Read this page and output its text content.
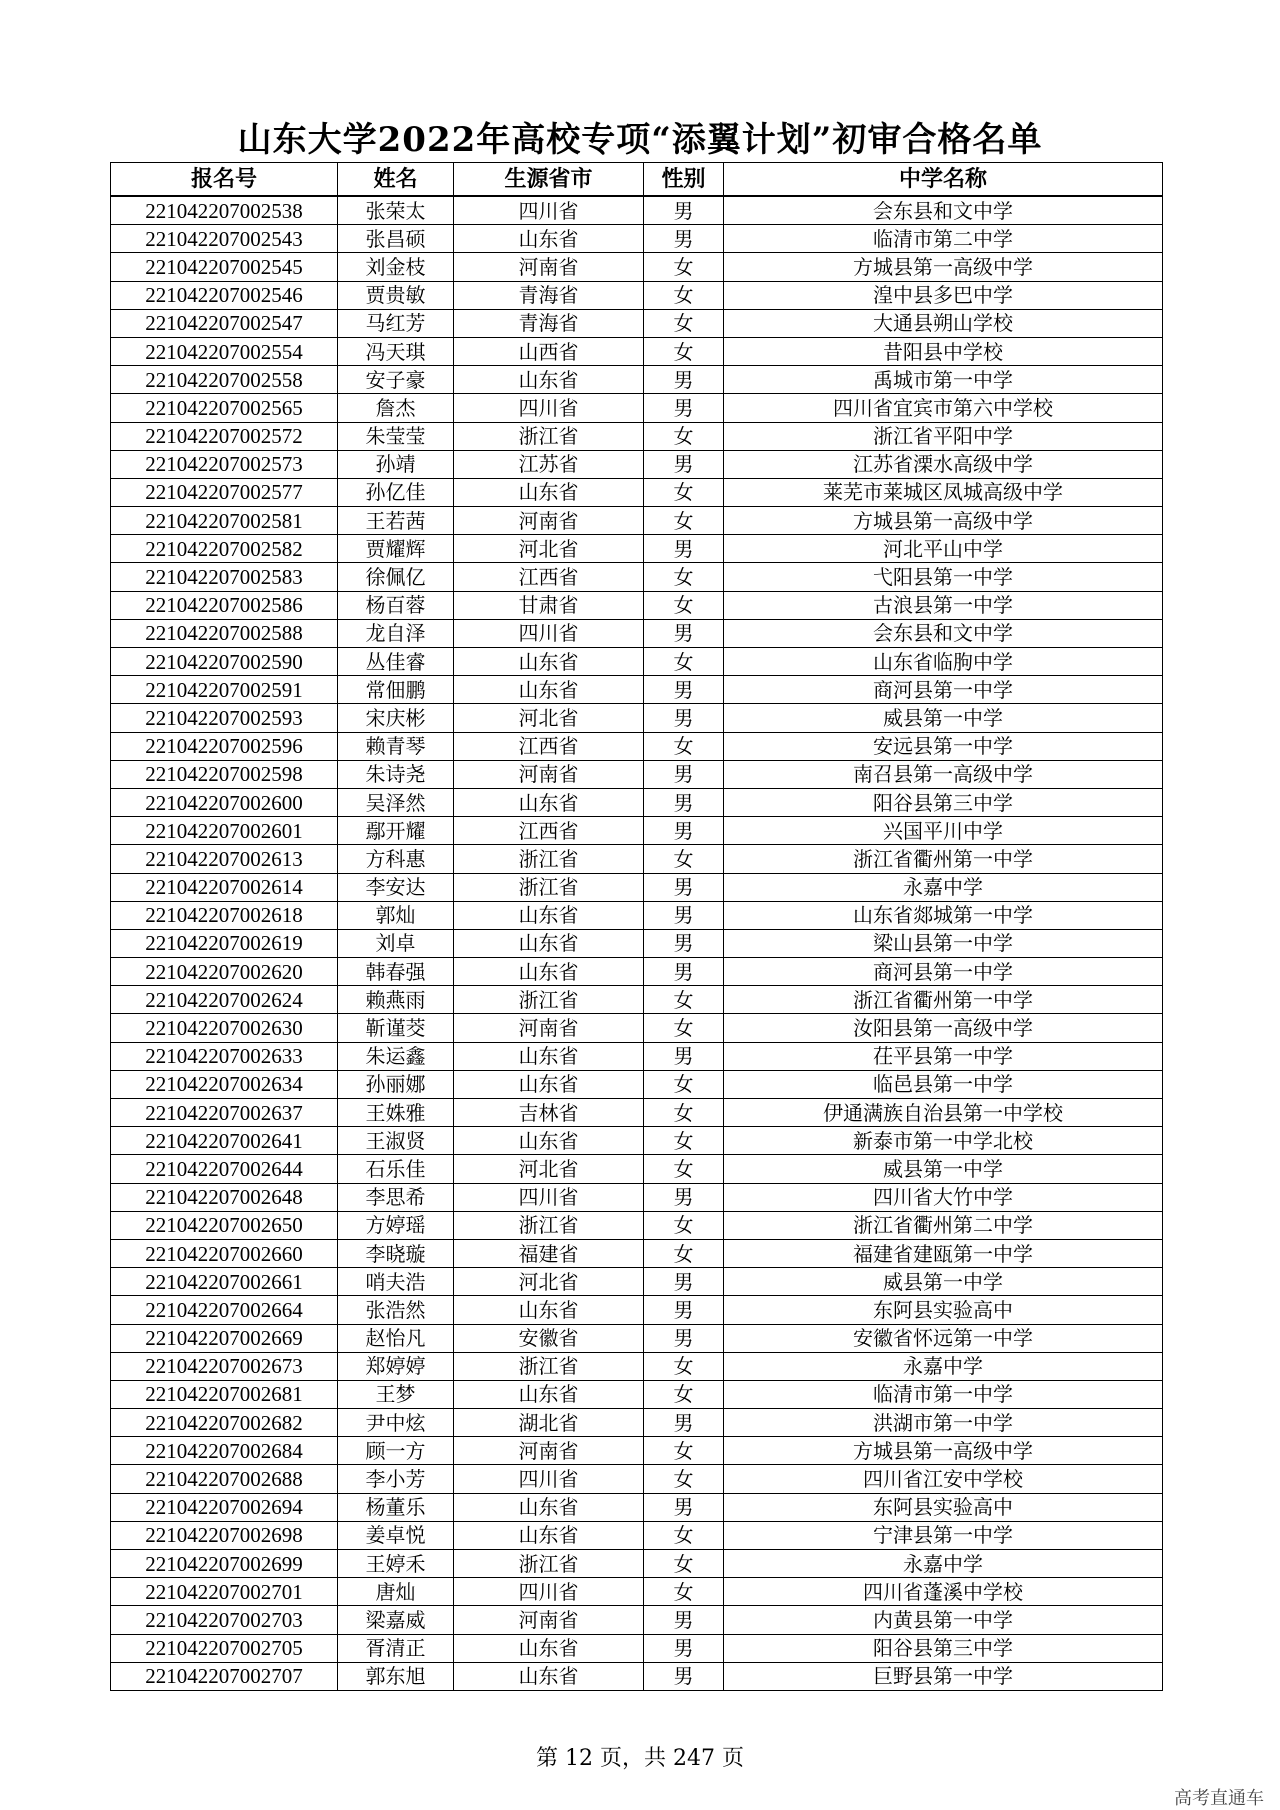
山东大学2022年高校专项“添翼计划”初审合格名单
报名号	姓名	生源省市	性别	中学名称
221042207002538	张荣太	四川省	男	会东县和文中学
221042207002543	张昌硕	山东省	男	临清市第二中学
221042207002545	刘金枝	河南省	女	方城县第一高级中学
221042207002546	贾贵敏	青海省	女	湟中县多巴中学
221042207002547	马红芳	青海省	女	大通县朔山学校
221042207002554	冯天琪	山西省	女	昔阳县中学校
221042207002558	安子豪	山东省	男	禹城市第一中学
221042207002565	詹杰	四川省	男	四川省宜宾市第六中学校
221042207002572	朱莹莹	浙江省	女	浙江省平阳中学
221042207002573	孙靖	江苏省	男	江苏省溧水高级中学
221042207002577	孙亿佳	山东省	女	莱芜市莱城区凤城高级中学
221042207002581	王若茜	河南省	女	方城县第一高级中学
221042207002582	贾耀辉	河北省	男	河北平山中学
221042207002583	徐佩亿	江西省	女	弋阳县第一中学
221042207002586	杨百蓉	甘肃省	女	古浪县第一中学
221042207002588	龙自泽	四川省	男	会东县和文中学
221042207002590	丛佳睿	山东省	女	山东省临朐中学
221042207002591	常佃鹏	山东省	男	商河县第一中学
221042207002593	宋庆彬	河北省	男	威县第一中学
221042207002596	赖青琴	江西省	女	安远县第一中学
221042207002598	朱诗尧	河南省	男	南召县第一高级中学
221042207002600	吴泽然	山东省	男	阳谷县第三中学
221042207002601	鄢开耀	江西省	男	兴国平川中学
221042207002613	方科惠	浙江省	女	浙江省衢州第一中学
221042207002614	李安达	浙江省	男	永嘉中学
221042207002618	郭灿	山东省	男	山东省郯城第一中学
221042207002619	刘卓	山东省	男	梁山县第一中学
221042207002620	韩春强	山东省	男	商河县第一中学
221042207002624	赖燕雨	浙江省	女	浙江省衢州第一中学
221042207002630	靳谨茭	河南省	女	汝阳县第一高级中学
221042207002633	朱运鑫	山东省	男	茌平县第一中学
221042207002634	孙丽娜	山东省	女	临邑县第一中学
221042207002637	王姝雅	吉林省	女	伊通满族自治县第一中学校
221042207002641	王淑贤	山东省	女	新泰市第一中学北校
221042207002644	石乐佳	河北省	女	威县第一中学
221042207002648	李思希	四川省	男	四川省大竹中学
221042207002650	方婷瑶	浙江省	女	浙江省衢州第二中学
221042207002660	李晓璇	福建省	女	福建省建瓯第一中学
221042207002661	哨夫浩	河北省	男	威县第一中学
221042207002664	张浩然	山东省	男	东阿县实验高中
221042207002669	赵怡凡	安徽省	男	安徽省怀远第一中学
221042207002673	郑婷婷	浙江省	女	永嘉中学
221042207002681	王梦	山东省	女	临清市第一中学
221042207002682	尹中炫	湖北省	男	洪湖市第一中学
221042207002684	顾一方	河南省	女	方城县第一高级中学
221042207002688	李小芳	四川省	女	四川省江安中学校
221042207002694	杨董乐	山东省	男	东阿县实验高中
221042207002698	姜卓悦	山东省	女	宁津县第一中学
221042207002699	王婷禾	浙江省	女	永嘉中学
221042207002701	唐灿	四川省	女	四川省蓬溪中学校
221042207002703	梁嘉威	河南省	男	内黄县第一中学
221042207002705	胥清正	山东省	男	阳谷县第三中学
221042207002707	郭东旭	山东省	男	巨野县第一中学
第 12 页，共 247 页
高考直通车
